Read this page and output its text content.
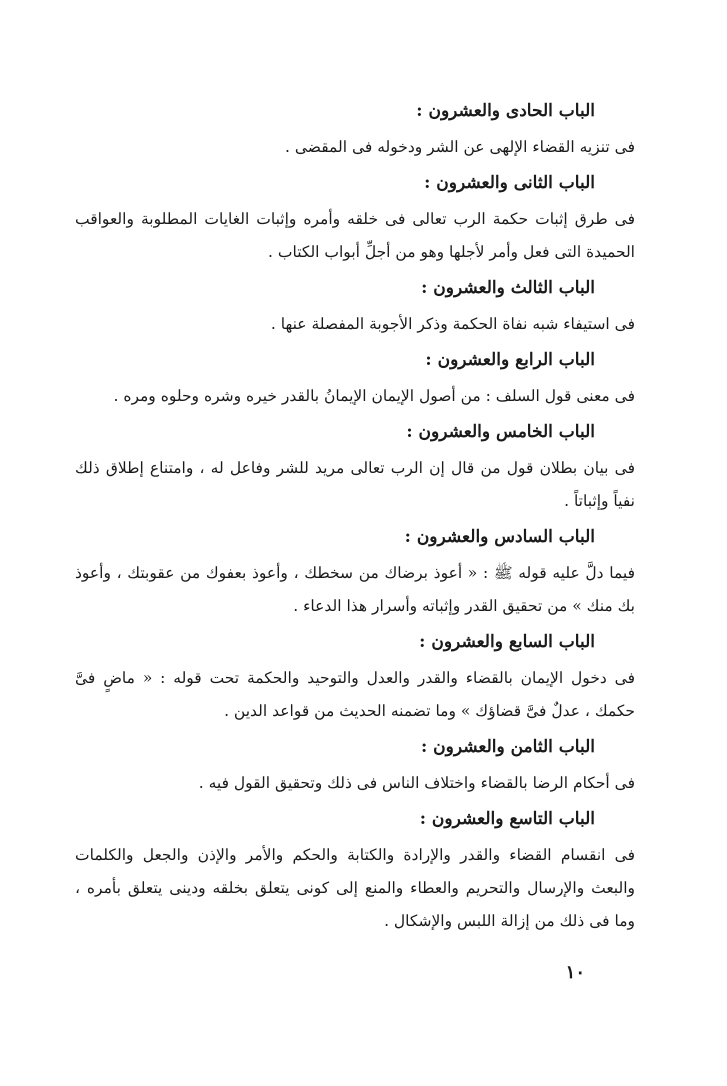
الباب الحادى والعشرون :
فى تنزيه القضاء الإلهى عن الشر ودخوله فى المقضى .
الباب الثانى والعشرون :
فى طرق إثبات حكمة الرب تعالى فى خلقه وأمره وإثبات الغايات المطلوبة والعواقب الحميدة التى فعل وأمر لأجلها وهو من أجلِّ أبواب الكتاب .
الباب الثالث والعشرون :
فى استيفاء شبه نفاة الحكمة وذكر الأجوبة المفصلة عنها .
الباب الرابع والعشرون :
فى معنى قول السلف : من أصول الإيمان الإيمانُ بالقدر خيره وشره وحلوه ومره .
الباب الخامس والعشرون :
فى بيان بطلان قول من قال إن الرب تعالى مريد للشر وفاعل له ، وامتناع إطلاق ذلك نفياً وإثباتاً .
الباب السادس والعشرون :
فيما دلَّ عليه قوله ﷺ : « أعوذ برضاك من سخطك ، وأعوذ بعفوك من عقوبتك ، وأعوذ بك منك » من تحقيق القدر وإثباته وأسرار هذا الدعاء .
الباب السابع والعشرون :
فى دخول الإيمان بالقضاء والقدر والعدل والتوحيد والحكمة تحت قوله : « ماضٍ فىَّ حكمك ، عدلٌ فىَّ قضاؤك » وما تضمنه الحديث من قواعد الدين .
الباب الثامن والعشرون :
فى أحكام الرضا بالقضاء واختلاف الناس فى ذلك وتحقيق القول فيه .
الباب التاسع والعشرون :
فى انقسام القضاء والقدر والإرادة والكتابة والحكم والأمر والإذن والجعل والكلمات والبعث والإرسال والتحريم والعطاء والمنع إلى كونى يتعلق بخلقه ودينى يتعلق بأمره ، وما فى ذلك من إزالة اللبس والإشكال .
١٠
